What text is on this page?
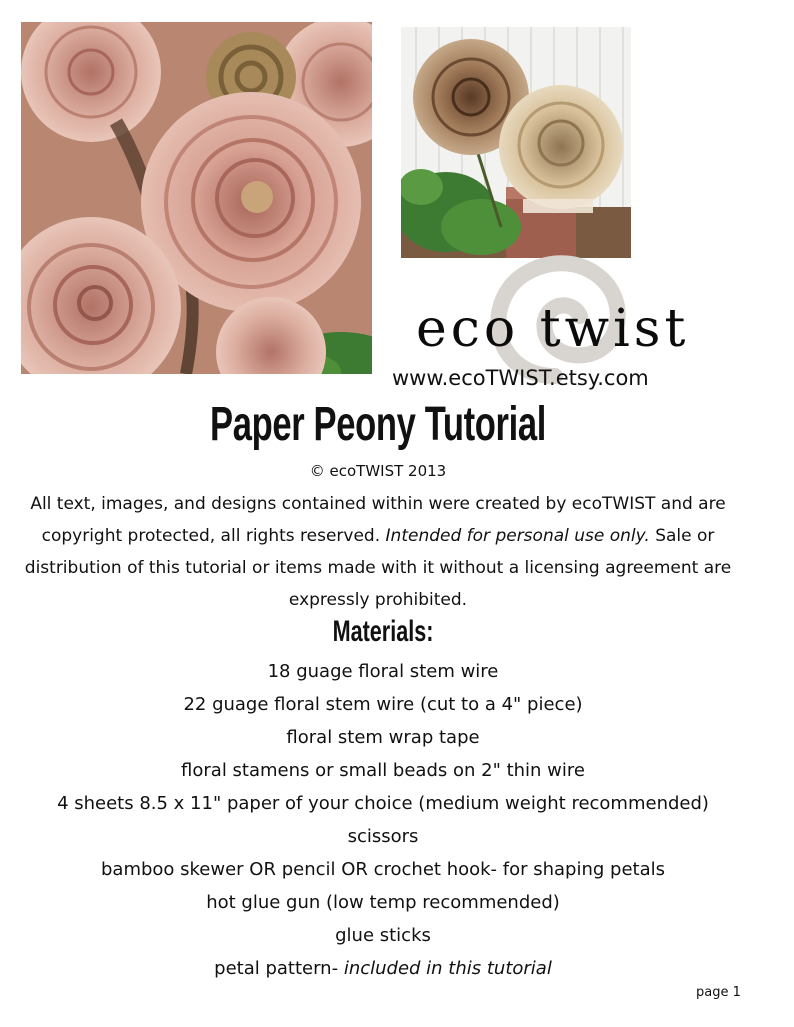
eco twist
www.ecoTWIST.etsy.com
Paper Peony Tutorial
© ecoTWIST 2013
All text, images, and designs contained within were created by ecoTWIST and are copyright protected, all rights reserved. Intended for personal use only. Sale or distribution of this tutorial or items made with it without a licensing agreement are expressly prohibited.
Materials:
18 guage floral stem wire
22 guage floral stem wire (cut to a 4" piece)
floral stem wrap tape
floral stamens or small beads on 2" thin wire
4 sheets 8.5 x 11" paper of your choice (medium weight recommended)
scissors
bamboo skewer OR pencil OR crochet hook- for shaping petals
hot glue gun (low temp recommended)
glue sticks
petal pattern- included in this tutorial
page 1
